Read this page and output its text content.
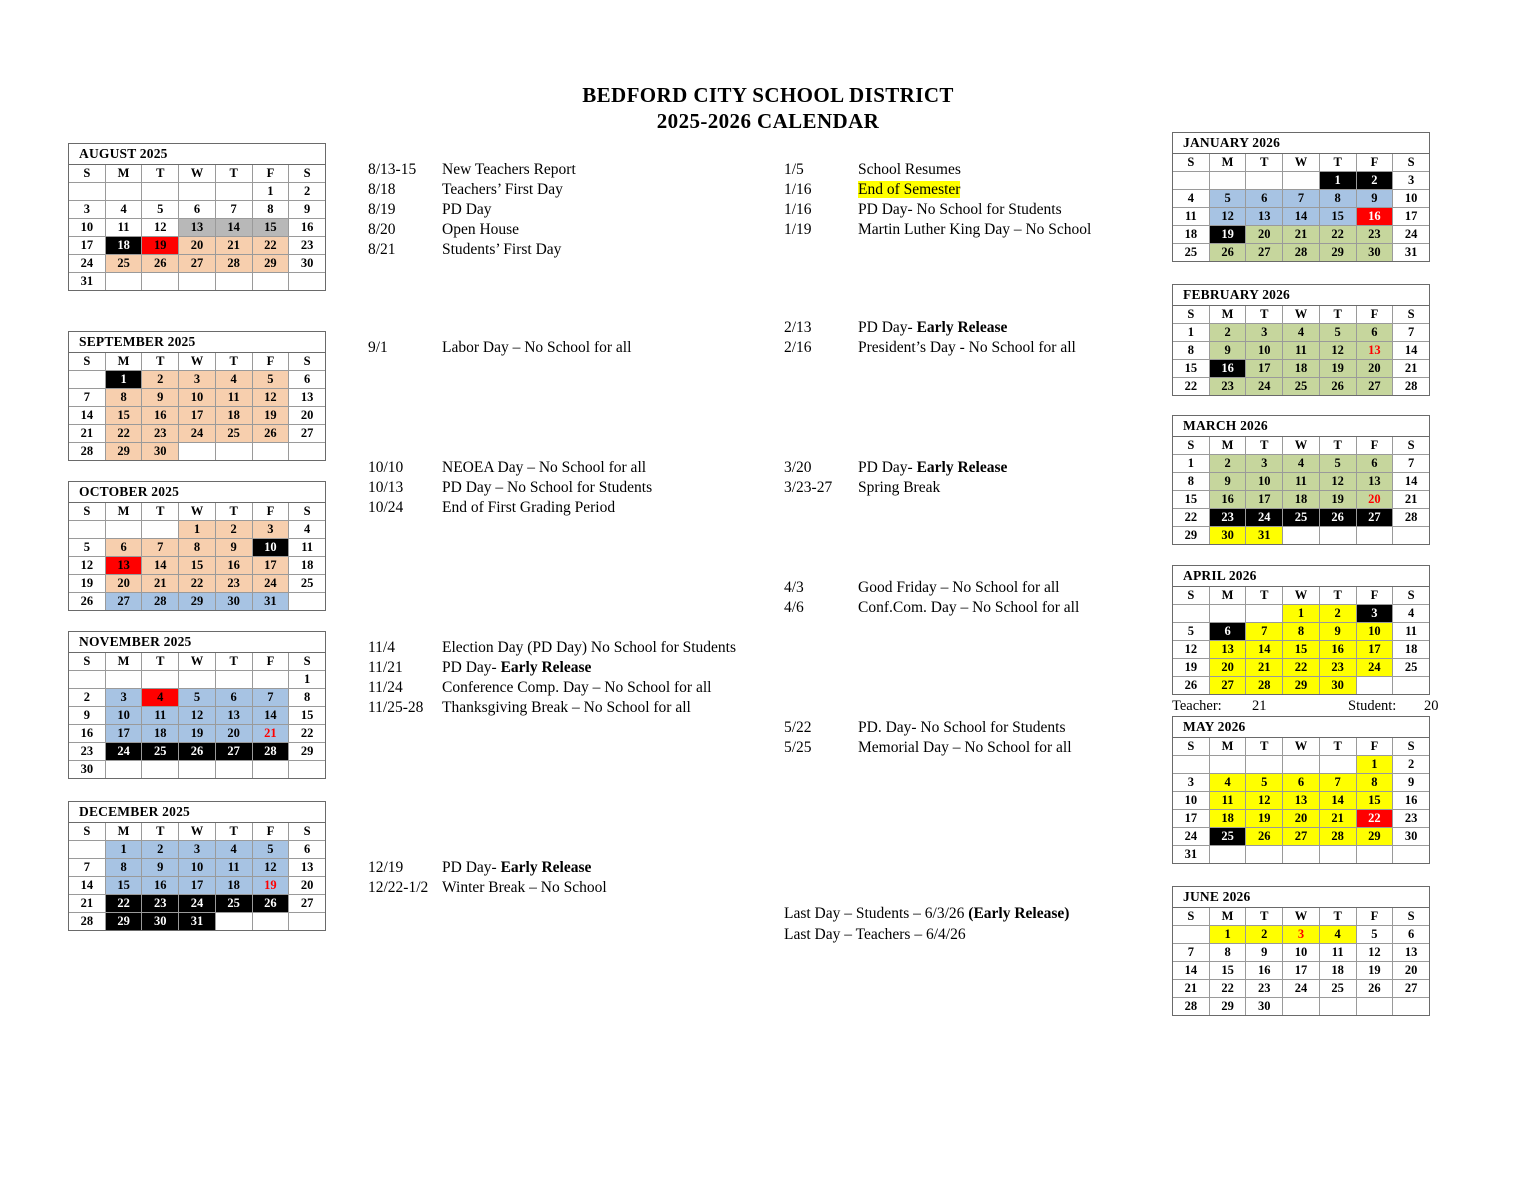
BEDFORD CITY SCHOOL DISTRICT
2025-2026 CALENDAR
AUGUST 2025
S	M	T	W	T	F	S
					1	2
3	4	5	6	7	8	9
10	11	12	13	14	15	16
17	18	19	20	21	22	23
24	25	26	27	28	29	30
31						
SEPTEMBER 2025
S	M	T	W	T	F	S
	1	2	3	4	5	6
7	8	9	10	11	12	13
14	15	16	17	18	19	20
21	22	23	24	25	26	27
28	29	30				
OCTOBER 2025
S	M	T	W	T	F	S
			1	2	3	4
5	6	7	8	9	10	11
12	13	14	15	16	17	18
19	20	21	22	23	24	25
26	27	28	29	30	31	
NOVEMBER 2025
S	M	T	W	T	F	S
						1
2	3	4	5	6	7	8
9	10	11	12	13	14	15
16	17	18	19	20	21	22
23	24	25	26	27	28	29
30						
DECEMBER 2025
S	M	T	W	T	F	S
	1	2	3	4	5	6
7	8	9	10	11	12	13
14	15	16	17	18	19	20
21	22	23	24	25	26	27
28	29	30	31			
JANUARY 2026
S	M	T	W	T	F	S
				1	2	3
4	5	6	7	8	9	10
11	12	13	14	15	16	17
18	19	20	21	22	23	24
25	26	27	28	29	30	31
FEBRUARY 2026
S	M	T	W	T	F	S
1	2	3	4	5	6	7
8	9	10	11	12	13	14
15	16	17	18	19	20	21
22	23	24	25	26	27	28
MARCH 2026
S	M	T	W	T	F	S
1	2	3	4	5	6	7
8	9	10	11	12	13	14
15	16	17	18	19	20	21
22	23	24	25	26	27	28
29	30	31				
APRIL 2026
S	M	T	W	T	F	S
			1	2	3	4
5	6	7	8	9	10	11
12	13	14	15	16	17	18
19	20	21	22	23	24	25
26	27	28	29	30		
MAY 2026
S	M	T	W	T	F	S
					1	2
3	4	5	6	7	8	9
10	11	12	13	14	15	16
17	18	19	20	21	22	23
24	25	26	27	28	29	30
31						
JUNE 2026
S	M	T	W	T	F	S
	1	2	3	4	5	6
7	8	9	10	11	12	13
14	15	16	17	18	19	20
21	22	23	24	25	26	27
28	29	30				
Teacher: 21	Student: 20
8/13-15 New Teachers Report
8/18	Teachers’ First Day
8/19	PD Day
8/20	Open House
8/21	Students’ First Day
9/1	Labor Day – No School for all
10/10 NEOEA Day – No School for all
10/13 PD Day – No School for Students
10/24 End of First Grading Period
11/4	Election Day (PD Day) No School for Students
11/21	PD Day- Early Release
11/24	Conference Comp. Day – No School for all
11/25-28 Thanksgiving Break – No School for all
12/19 PD Day- Early Release
12/22-1/2 Winter Break – No School
1/5	School Resumes
1/16	End of Semester
1/16	PD Day- No School for Students
1/19	Martin Luther King Day – No School
2/13	PD Day- Early Release
2/16	President’s Day - No School for all
3/20	PD Day- Early Release
3/23-27 Spring Break
4/3	Good Friday – No School for all
4/6	Conf.Com. Day – No School for all
5/22	PD. Day- No School for Students
5/25	Memorial Day – No School for all
Last Day – Students – 6/3/26 (Early Release)
Last Day – Teachers – 6/4/26
